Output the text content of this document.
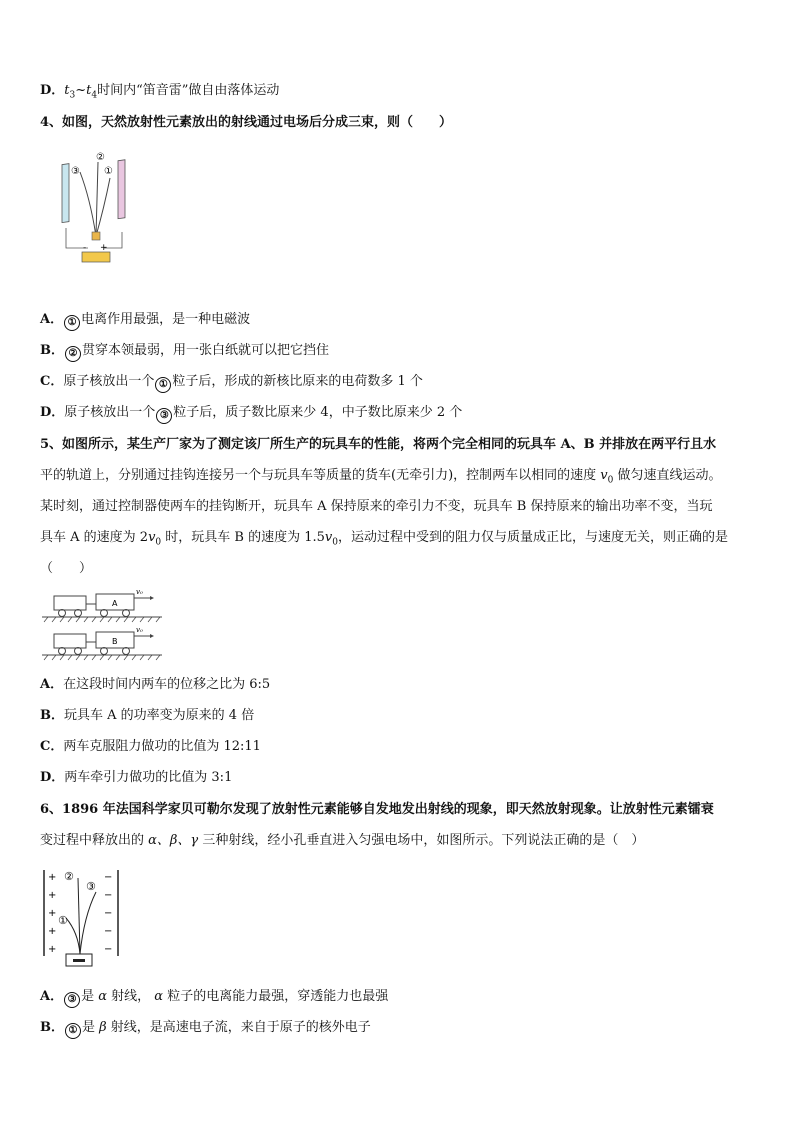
D．$t_3\sim t_4$时间内“笛音雷”做自由落体运动
4、如图，天然放射性元素放出的射线通过电场后分成三束，则（　　）
③
②
①
- +
A． ① 电离作用最强，是一种电磁波
B． ② 贯穿本领最弱，用一张白纸就可以把它挡住
C．原子核放出一个 ① 粒子后，形成的新核比原来的电荷数多 1 个
D．原子核放出一个 ③ 粒子后，质子数比原来少 4，中子数比原来少 2 个
5、如图所示，某生产厂家为了测定该厂所生产的玩具车的性能，将两个完全相同的玩具车 A、B 并排放在两平行且水
平的轨道上，分别通过挂钩连接另一个与玩具车等质量的货车(无牵引力)，控制两车以相同的速度 $v_0$ 做匀速直线运动。
某时刻，通过控制器使两车的挂钩断开，玩具车 A 保持原来的牵引力不变，玩具车 B 保持原来的输出功率不变，当玩
具车 A 的速度为 $2v_0$ 时，玩具车 B 的速度为 $1.5v_0$，运动过程中受到的阻力仅与质量成正比，与速度无关，则正确的是
（　　）
A
v₀
B
v₀
A．在这段时间内两车的位移之比为 6:5
B．玩具车 A 的功率变为原来的 4 倍
C．两车克服阻力做功的比值为 12:11
D．两车牵引力做功的比值为 3:1
6、1896 年法国科学家贝可勒尔发现了放射性元素能够自发地发出射线的现象，即天然放射现象。让放射性元素镭衰
变过程中释放出的 α、β、γ 三种射线，经小孔垂直进入匀强电场中，如图所示。下列说法正确的是（　）
+
+
+
+
+
−
−
−
−
−
①
②
③
A． ③ 是 α 射线， α 粒子的电离能力最强，穿透能力也最强
B． ① 是 β 射线，是高速电子流，来自于原子的核外电子
